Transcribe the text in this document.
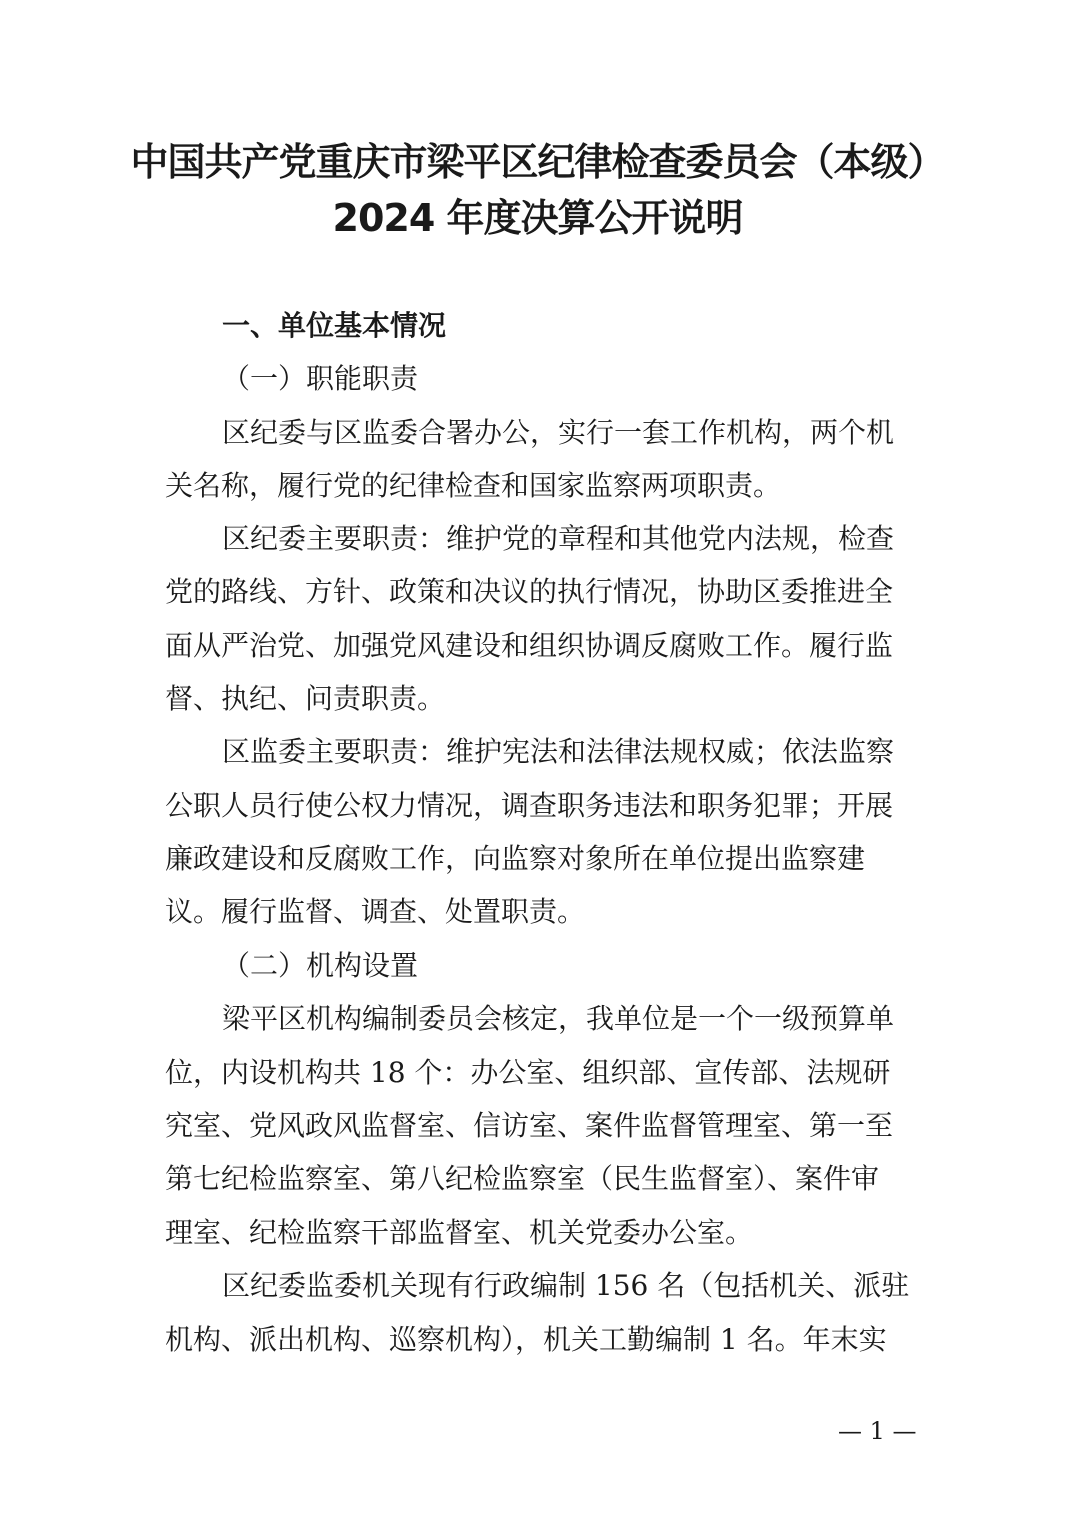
中国共产党重庆市梁平区纪律检查委员会（本级）
2024 年度决算公开说明
一、单位基本情况
（一）职能职责
区纪委与区监委合署办公，实行一套工作机构，两个机
关名称，履行党的纪律检查和国家监察两项职责。
区纪委主要职责：维护党的章程和其他党内法规，检查
党的路线、方针、政策和决议的执行情况，协助区委推进全
面从严治党、加强党风建设和组织协调反腐败工作。履行监
督、执纪、问责职责。
区监委主要职责：维护宪法和法律法规权威；依法监察
公职人员行使公权力情况，调查职务违法和职务犯罪；开展
廉政建设和反腐败工作，向监察对象所在单位提出监察建
议。履行监督、调查、处置职责。
（二）机构设置
梁平区机构编制委员会核定，我单位是一个一级预算单
位，内设机构共 18 个：办公室、组织部、宣传部、法规研
究室、党风政风监督室、信访室、案件监督管理室、第一至
第七纪检监察室、第八纪检监察室（民生监督室）、案件审
理室、纪检监察干部监督室、机关党委办公室。
区纪委监委机关现有行政编制 156 名（包括机关、派驻
机构、派出机构、巡察机构），机关工勤编制 1 名。年末实
— 1 —
